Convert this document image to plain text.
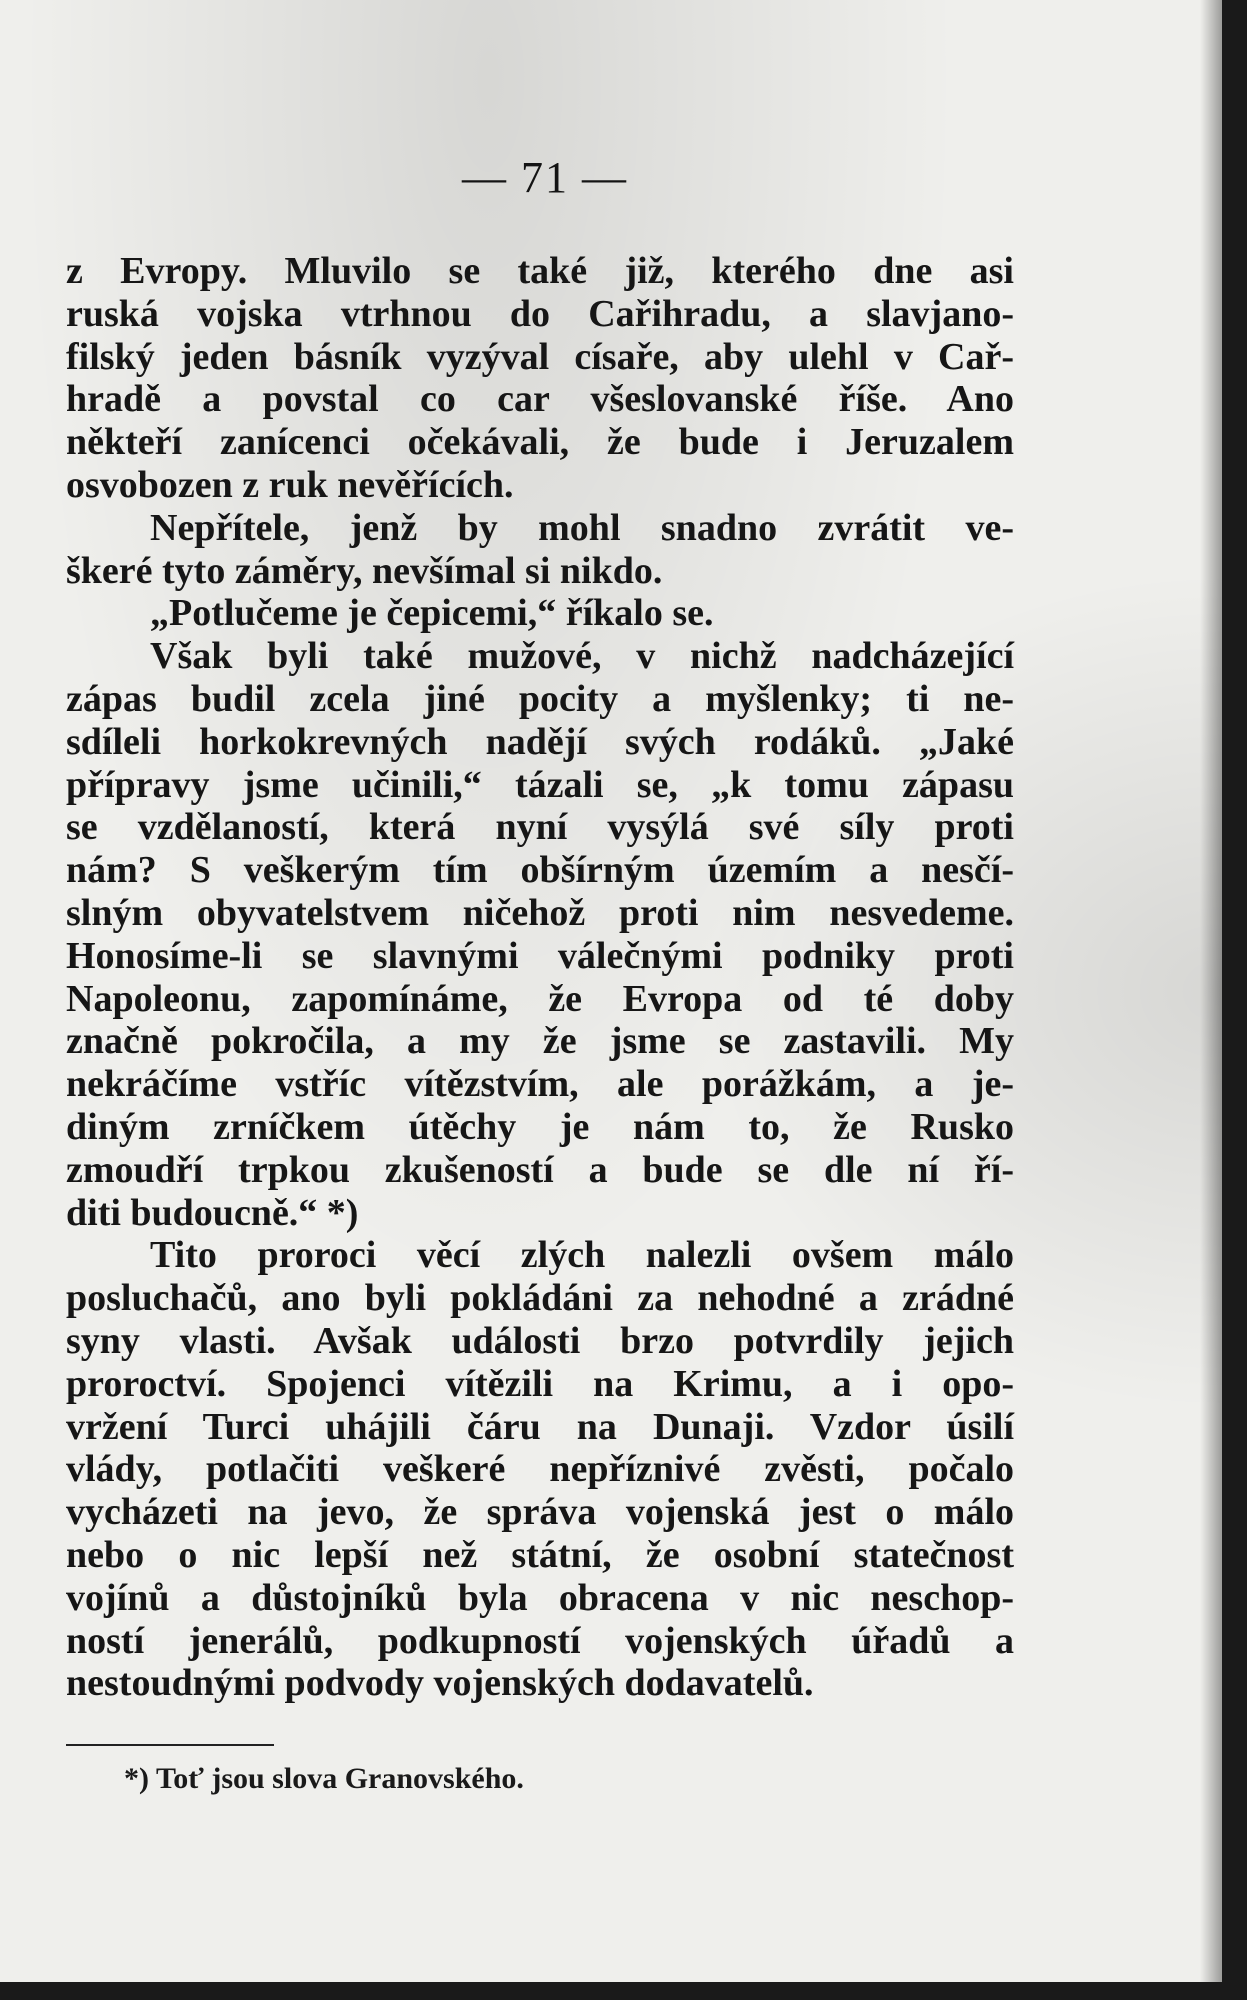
— 71 —
z Evropy. Mluvilo se také již, kterého dne asi
ruská vojska vtrhnou do Cařihradu, a slavjano-
filský jeden básník vyzýval císaře, aby ulehl v Cař-
hradě a povstal co car všeslovanské říše. Ano
někteří zanícenci očekávali, že bude i Jeruzalem
osvobozen z ruk nevěřících.
Nepřítele, jenž by mohl snadno zvrátit ve-
škeré tyto záměry, nevšímal si nikdo.
„Potlučeme je čepicemi,“ říkalo se.
Však byli také mužové, v nichž nadcházející
zápas budil zcela jiné pocity a myšlenky; ti ne-
sdíleli horkokrevných nadějí svých rodáků. „Jaké
přípravy jsme učinili,“ tázali se, „k tomu zápasu
se vzdělaností, která nyní vysýlá své síly proti
nám? S veškerým tím obšírným územím a nesčí-
slným obyvatelstvem ničehož proti nim nesvedeme.
Honosíme-li se slavnými válečnými podniky proti
Napoleonu, zapomínáme, že Evropa od té doby
značně pokročila, a my že jsme se zastavili. My
nekráčíme vstříc vítězstvím, ale porážkám, a je-
diným zrníčkem útěchy je nám to, že Rusko
zmoudří trpkou zkušeností a bude se dle ní ří-
diti budoucně.“ *)
Tito proroci věcí zlých nalezli ovšem málo
posluchačů, ano byli pokládáni za nehodné a zrádné
syny vlasti. Avšak události brzo potvrdily jejich
proroctví. Spojenci vítězili na Krimu, a i opo-
vržení Turci uhájili čáru na Dunaji. Vzdor úsilí
vlády, potlačiti veškeré nepříznivé zvěsti, počalo
vycházeti na jevo, že správa vojenská jest o málo
nebo o nic lepší než státní, že osobní statečnost
vojínů a důstojníků byla obracena v nic neschop-
ností jenerálů, podkupností vojenských úřadů a
nestoudnými podvody vojenských dodavatelů.
*) Toť jsou slova Granovského.
